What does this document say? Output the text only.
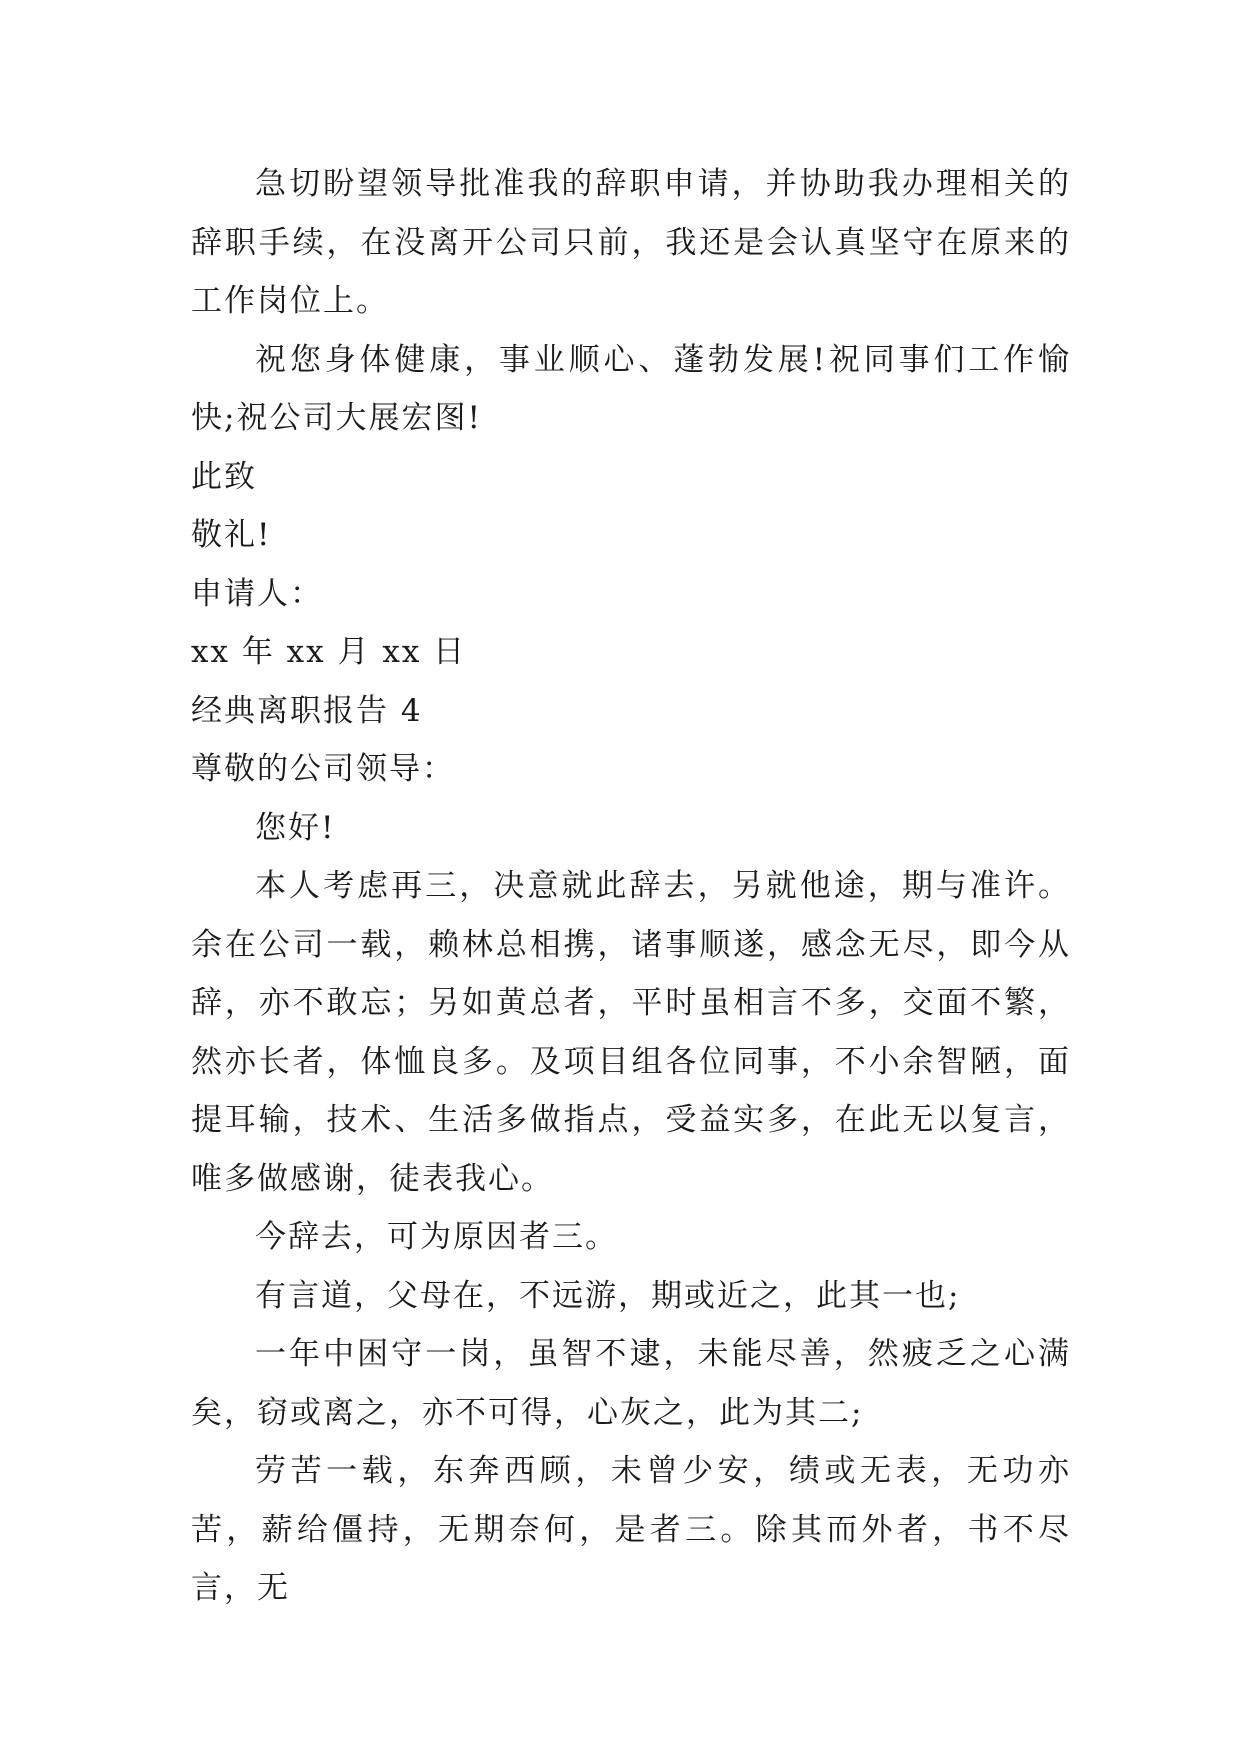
急切盼望领导批准我的辞职申请，并协助我办理相关的辞职手续，在没离开公司只前，我还是会认真坚守在原来的工作岗位上。

祝您身体健康，事业顺心、蓬勃发展!祝同事们工作愉快;祝公司大展宏图!

此致

敬礼!

申请人：

xx 年 xx 月 xx 日

经典离职报告 4

尊敬的公司领导：

您好!

本人考虑再三，决意就此辞去，另就他途，期与准许。余在公司一载，赖林总相携，诸事顺遂，感念无尽，即今从辞，亦不敢忘；另如黄总者，平时虽相言不多，交面不繁，然亦长者，体恤良多。及项目组各位同事，不小余智陋，面提耳输，技术、生活多做指点，受益实多，在此无以复言，唯多做感谢，徒表我心。

今辞去，可为原因者三。

有言道，父母在，不远游，期或近之，此其一也;

一年中困守一岗，虽智不逮，未能尽善，然疲乏之心满矣，窃或离之，亦不可得，心灰之，此为其二;

劳苦一载，东奔西顾，未曾少安，绩或无表，无功亦苦，薪给僵持，无期奈何，是者三。除其而外者，书不尽言，无
